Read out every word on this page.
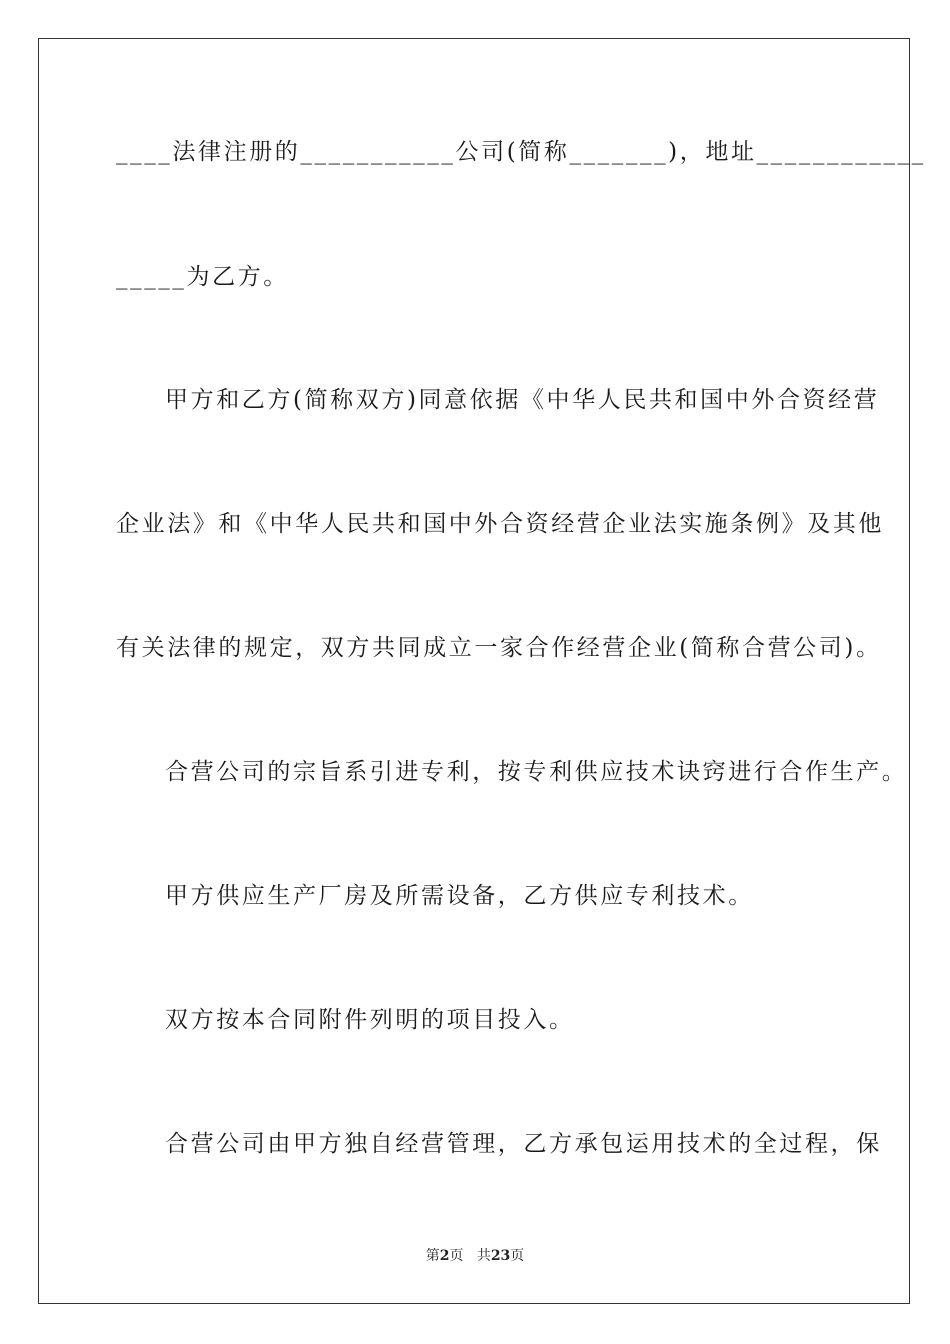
____法律注册的___________公司(简称_______)，地址____________
_____为乙方。
甲方和乙方(简称双方)同意依据《中华人民共和国中外合资经营
企业法》和《中华人民共和国中外合资经营企业法实施条例》及其他
有关法律的规定，双方共同成立一家合作经营企业(简称合营公司)。
合营公司的宗旨系引进专利，按专利供应技术诀窍进行合作生产。
甲方供应生产厂房及所需设备，乙方供应专利技术。
双方按本合同附件列明的项目投入。
合营公司由甲方独自经营管理，乙方承包运用技术的全过程，保
第2页 共23页
